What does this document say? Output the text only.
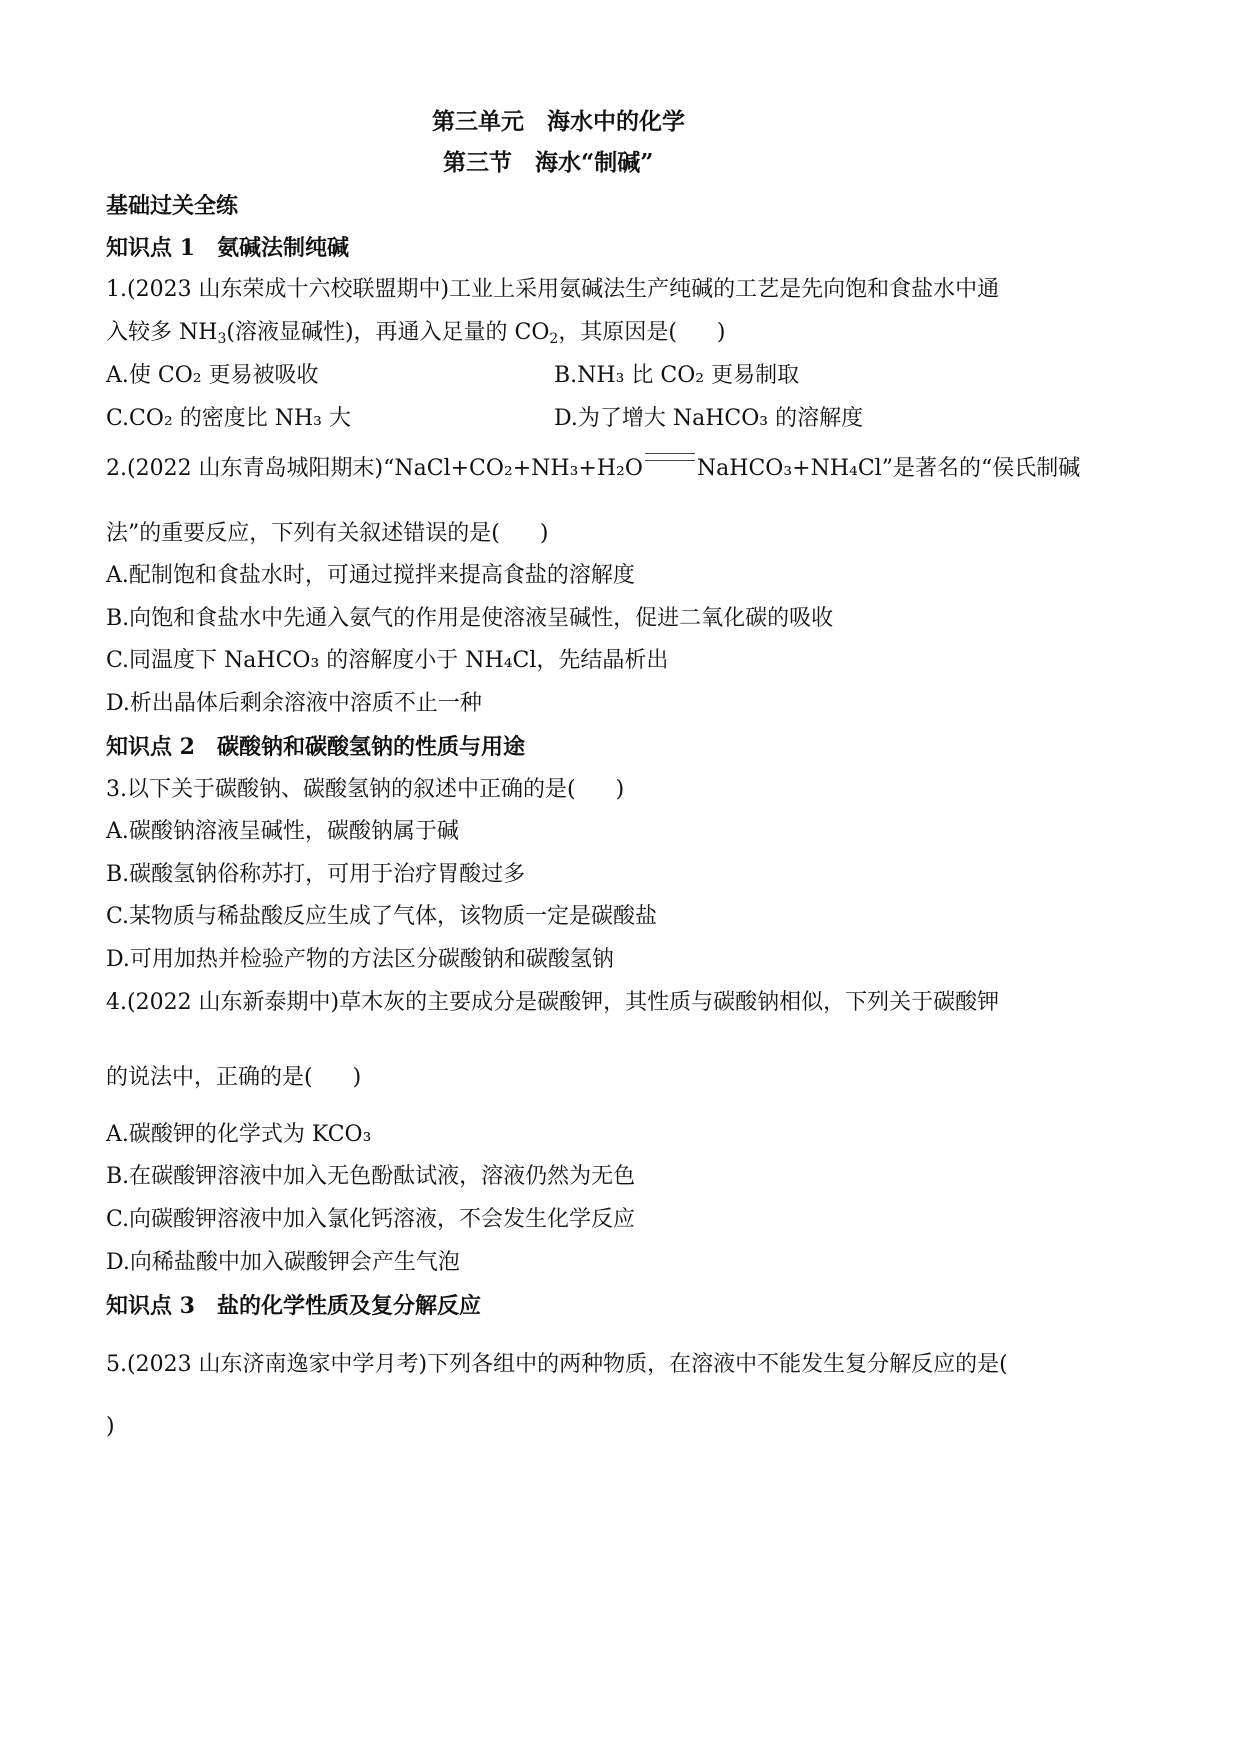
第三单元　海水中的化学
第三节　海水“制碱”
基础过关全练
知识点 1　氨碱法制纯碱
1.(2023 山东荣成十六校联盟期中)工业上采用氨碱法生产纯碱的工艺是先向饱和食盐水中通
入较多 $NH_3$(溶液显碱性)，再通入足量的 $CO_2$，其原因是( )
A.使 CO₂ 更易被吸收	B.NH₃ 比 CO₂ 更易制取
C.CO₂ 的密度比 NH₃ 大	D.为了增大 NaHCO₃ 的溶解度
2.(2022 山东青岛城阳期末)“NaCl+CO₂+NH₃+H₂O NaHCO₃+NH₄Cl”是著名的“侯氏制碱
法”的重要反应，下列有关叙述错误的是( )
A.配制饱和食盐水时，可通过搅拌来提高食盐的溶解度
B.向饱和食盐水中先通入氨气的作用是使溶液呈碱性，促进二氧化碳的吸收
C.同温度下 NaHCO₃ 的溶解度小于 NH₄Cl，先结晶析出
D.析出晶体后剩余溶液中溶质不止一种
知识点 2　碳酸钠和碳酸氢钠的性质与用途
3.以下关于碳酸钠、碳酸氢钠的叙述中正确的是( )
A.碳酸钠溶液呈碱性，碳酸钠属于碱
B.碳酸氢钠俗称苏打，可用于治疗胃酸过多
C.某物质与稀盐酸反应生成了气体，该物质一定是碳酸盐
D.可用加热并检验产物的方法区分碳酸钠和碳酸氢钠
4.(2022 山东新泰期中)草木灰的主要成分是碳酸钾，其性质与碳酸钠相似，下列关于碳酸钾
的说法中，正确的是( )
A.碳酸钾的化学式为 KCO₃
B.在碳酸钾溶液中加入无色酚酞试液，溶液仍然为无色
C.向碳酸钾溶液中加入氯化钙溶液，不会发生化学反应
D.向稀盐酸中加入碳酸钾会产生气泡
知识点 3　盐的化学性质及复分解反应
5.(2023 山东济南逸家中学月考)下列各组中的两种物质，在溶液中不能发生复分解反应的是(
)
